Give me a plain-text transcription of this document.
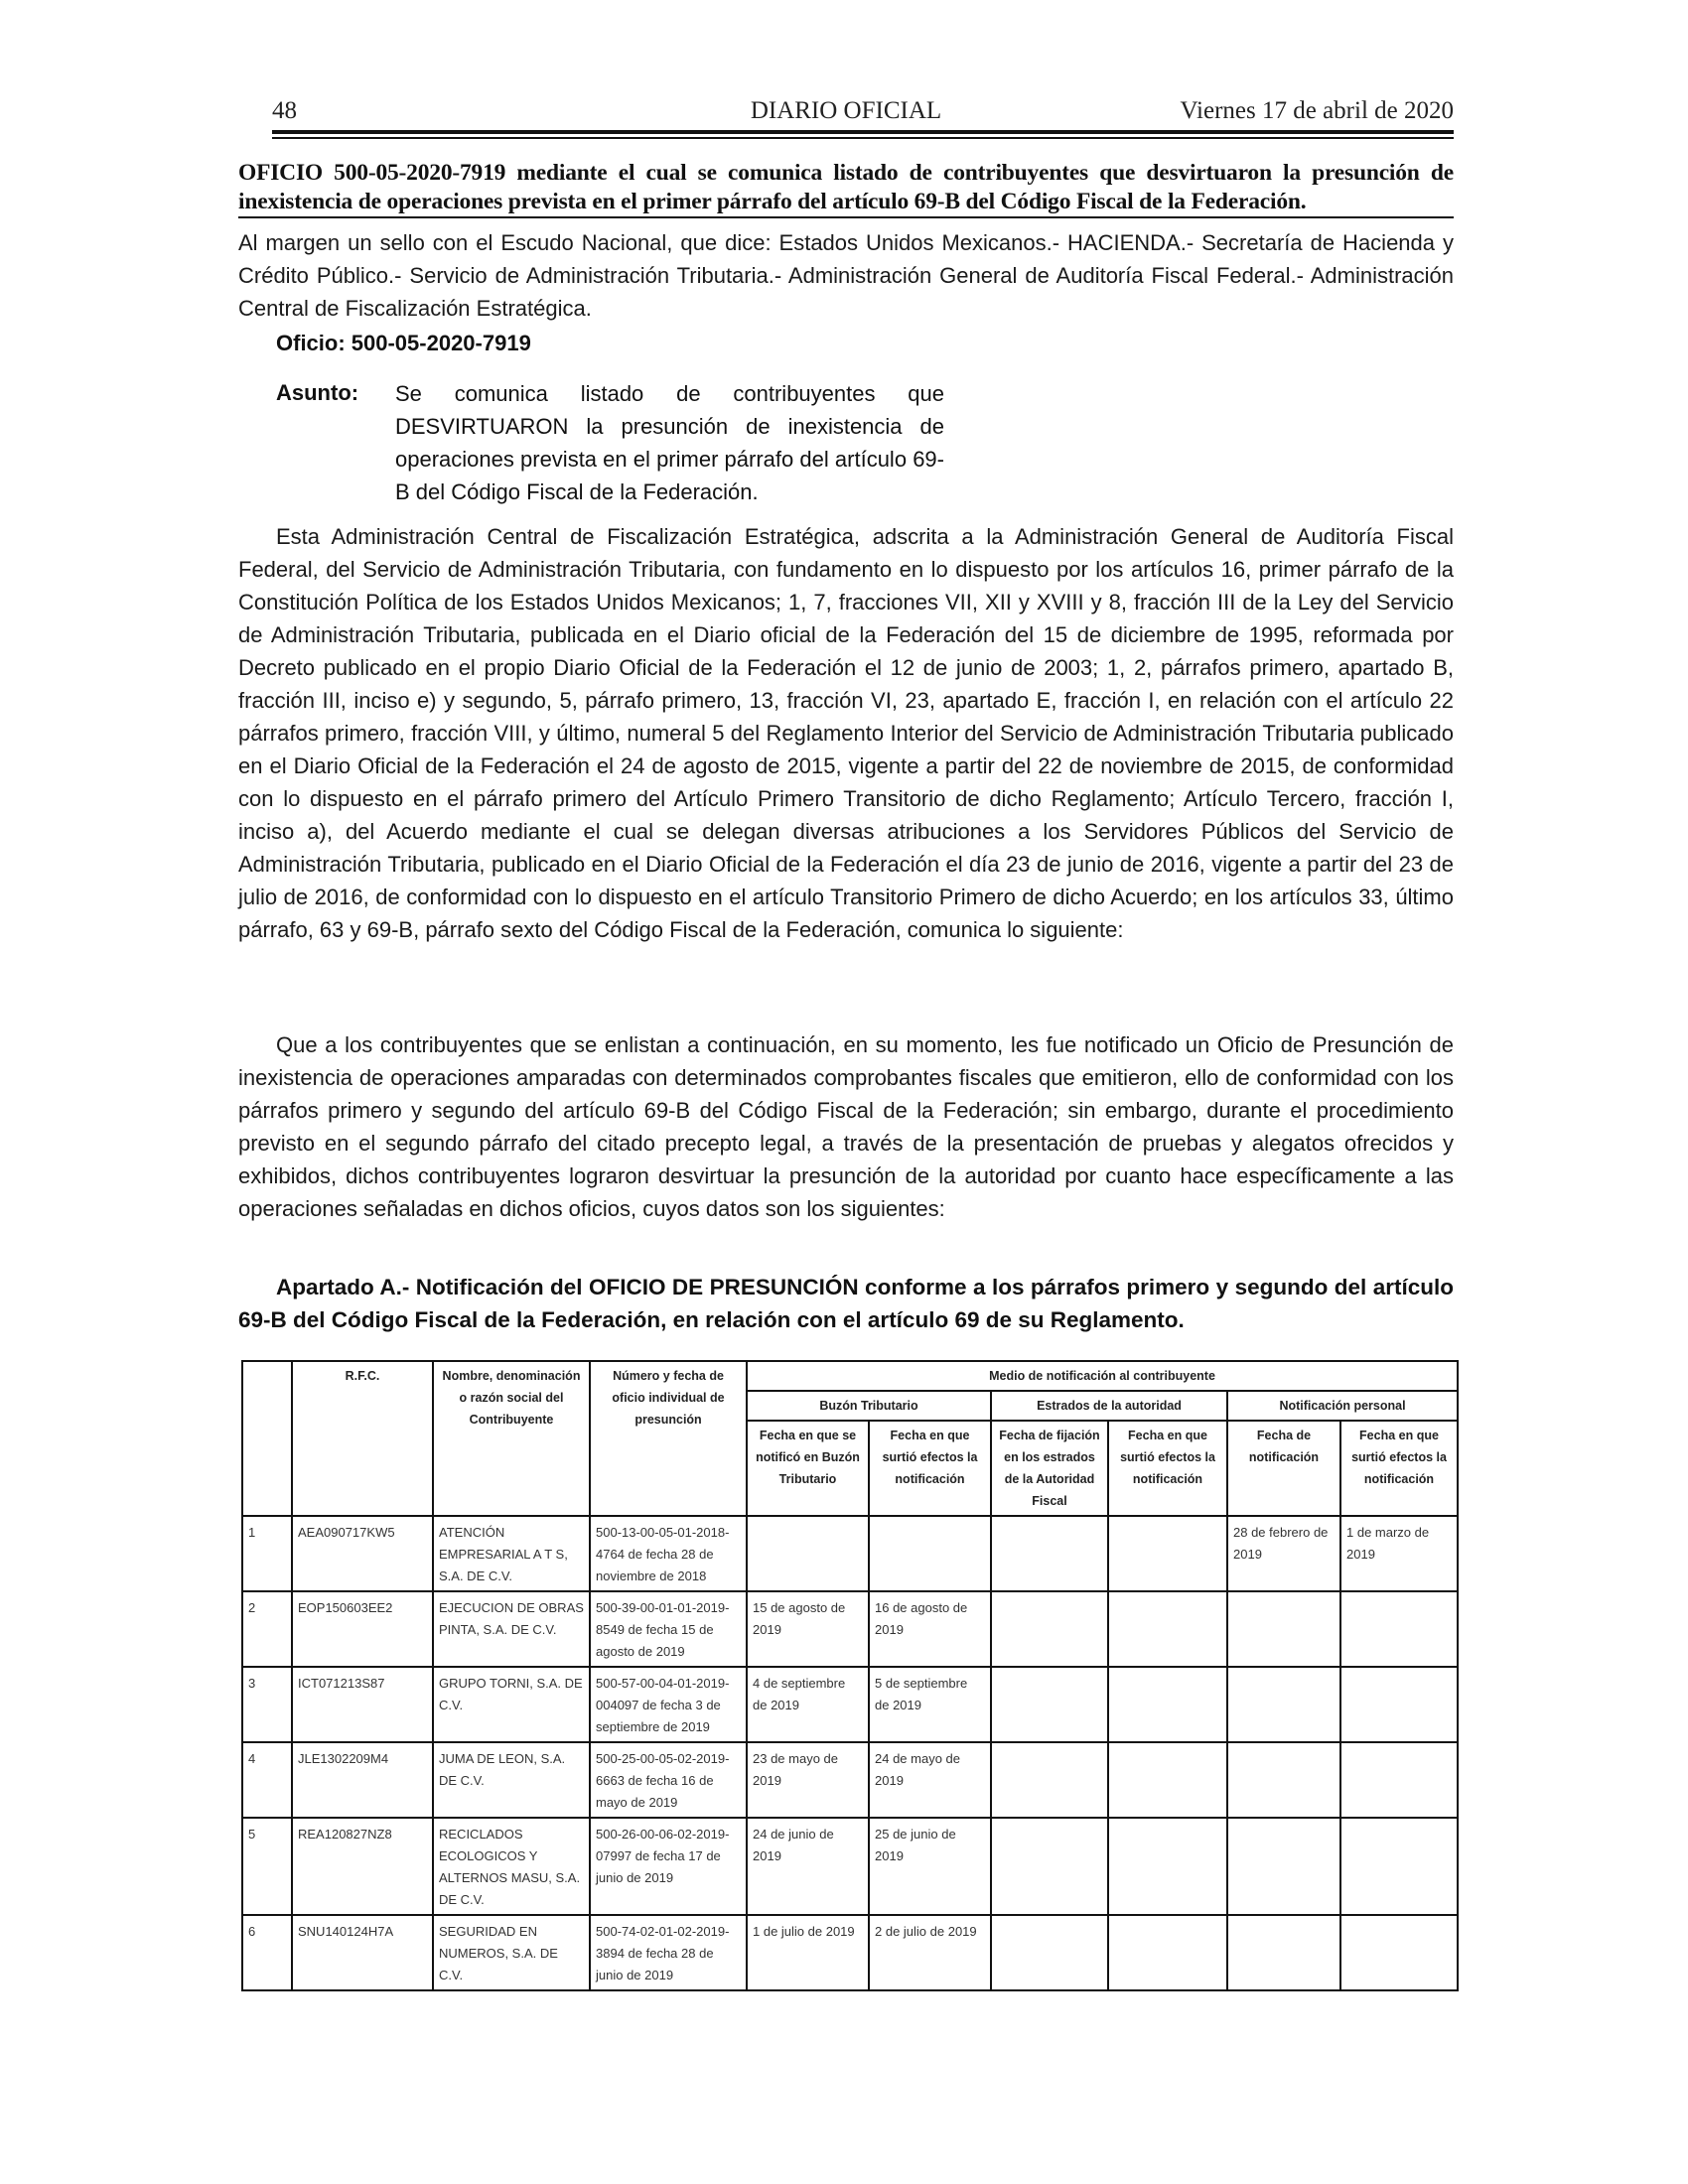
48	DIARIO OFICIAL	Viernes 17 de abril de 2020
OFICIO 500-05-2020-7919 mediante el cual se comunica listado de contribuyentes que desvirtuaron la presunción de inexistencia de operaciones prevista en el primer párrafo del artículo 69-B del Código Fiscal de la Federación.
Al margen un sello con el Escudo Nacional, que dice: Estados Unidos Mexicanos.- HACIENDA.- Secretaría de Hacienda y Crédito Público.- Servicio de Administración Tributaria.- Administración General de Auditoría Fiscal Federal.- Administración Central de Fiscalización Estratégica.
Oficio: 500-05-2020-7919
Asunto: Se comunica listado de contribuyentes que DESVIRTUARON la presunción de inexistencia de operaciones prevista en el primer párrafo del artículo 69-B del Código Fiscal de la Federación.
Esta Administración Central de Fiscalización Estratégica, adscrita a la Administración General de Auditoría Fiscal Federal, del Servicio de Administración Tributaria, con fundamento en lo dispuesto por los artículos 16, primer párrafo de la Constitución Política de los Estados Unidos Mexicanos; 1, 7, fracciones VII, XII y XVIII y 8, fracción III de la Ley del Servicio de Administración Tributaria, publicada en el Diario oficial de la Federación del 15 de diciembre de 1995, reformada por Decreto publicado en el propio Diario Oficial de la Federación el 12 de junio de 2003; 1, 2, párrafos primero, apartado B, fracción III, inciso e) y segundo, 5, párrafo primero, 13, fracción VI, 23, apartado E, fracción I, en relación con el artículo 22 párrafos primero, fracción VIII, y último, numeral 5 del Reglamento Interior del Servicio de Administración Tributaria publicado en el Diario Oficial de la Federación el 24 de agosto de 2015, vigente a partir del 22 de noviembre de 2015, de conformidad con lo dispuesto en el párrafo primero del Artículo Primero Transitorio de dicho Reglamento; Artículo Tercero, fracción I, inciso a), del Acuerdo mediante el cual se delegan diversas atribuciones a los Servidores Públicos del Servicio de Administración Tributaria, publicado en el Diario Oficial de la Federación el día 23 de junio de 2016, vigente a partir del 23 de julio de 2016, de conformidad con lo dispuesto en el artículo Transitorio Primero de dicho Acuerdo; en los artículos 33, último párrafo, 63 y 69-B, párrafo sexto del Código Fiscal de la Federación, comunica lo siguiente:
Que a los contribuyentes que se enlistan a continuación, en su momento, les fue notificado un Oficio de Presunción de inexistencia de operaciones amparadas con determinados comprobantes fiscales que emitieron, ello de conformidad con los párrafos primero y segundo del artículo 69-B del Código Fiscal de la Federación; sin embargo, durante el procedimiento previsto en el segundo párrafo del citado precepto legal, a través de la presentación de pruebas y alegatos ofrecidos y exhibidos, dichos contribuyentes lograron desvirtuar la presunción de la autoridad por cuanto hace específicamente a las operaciones señaladas en dichos oficios, cuyos datos son los siguientes:
Apartado A.- Notificación del OFICIO DE PRESUNCIÓN conforme a los párrafos primero y segundo del artículo 69-B del Código Fiscal de la Federación, en relación con el artículo 69 de su Reglamento.
	R.F.C.	Nombre, denominación o razón social del Contribuyente	Número y fecha de oficio individual de presunción	Medio de notificación al contribuyente					
				Buzón Tributario		Estrados de la autoridad		Notificación personal	
				Fecha en que se notificó en Buzón Tributario	Fecha en que surtió efectos la notificación	Fecha de fijación en los estrados de la Autoridad Fiscal	Fecha en que surtió efectos la notificación	Fecha de notificación	Fecha en que surtió efectos la notificación
1	AEA090717KW5	ATENCIÓN EMPRESARIAL A T S, S.A. DE C.V.	500-13-00-05-01-2018-4764 de fecha 28 de noviembre de 2018					28 de febrero de 2019	1 de marzo de 2019
2	EOP150603EE2	EJECUCION DE OBRAS PINTA, S.A. DE C.V.	500-39-00-01-01-2019-8549 de fecha 15 de agosto de 2019	15 de agosto de 2019	16 de agosto de 2019				
3	ICT071213S87	GRUPO TORNI, S.A. DE C.V.	500-57-00-04-01-2019-004097 de fecha 3 de septiembre de 2019	4 de septiembre de 2019	5 de septiembre de 2019				
4	JLE1302209M4	JUMA DE LEON, S.A. DE C.V.	500-25-00-05-02-2019-6663 de fecha 16 de mayo de 2019	23 de mayo de 2019	24 de mayo de 2019				
5	REA120827NZ8	RECICLADOS ECOLOGICOS Y ALTERNOS MASU, S.A. DE C.V.	500-26-00-06-02-2019-07997 de fecha 17 de junio de 2019	24 de junio de 2019	25 de junio de 2019				
6	SNU140124H7A	SEGURIDAD EN NUMEROS, S.A. DE C.V.	500-74-02-01-02-2019-3894 de fecha 28 de junio de 2019	1 de julio de 2019	2 de julio de 2019				
